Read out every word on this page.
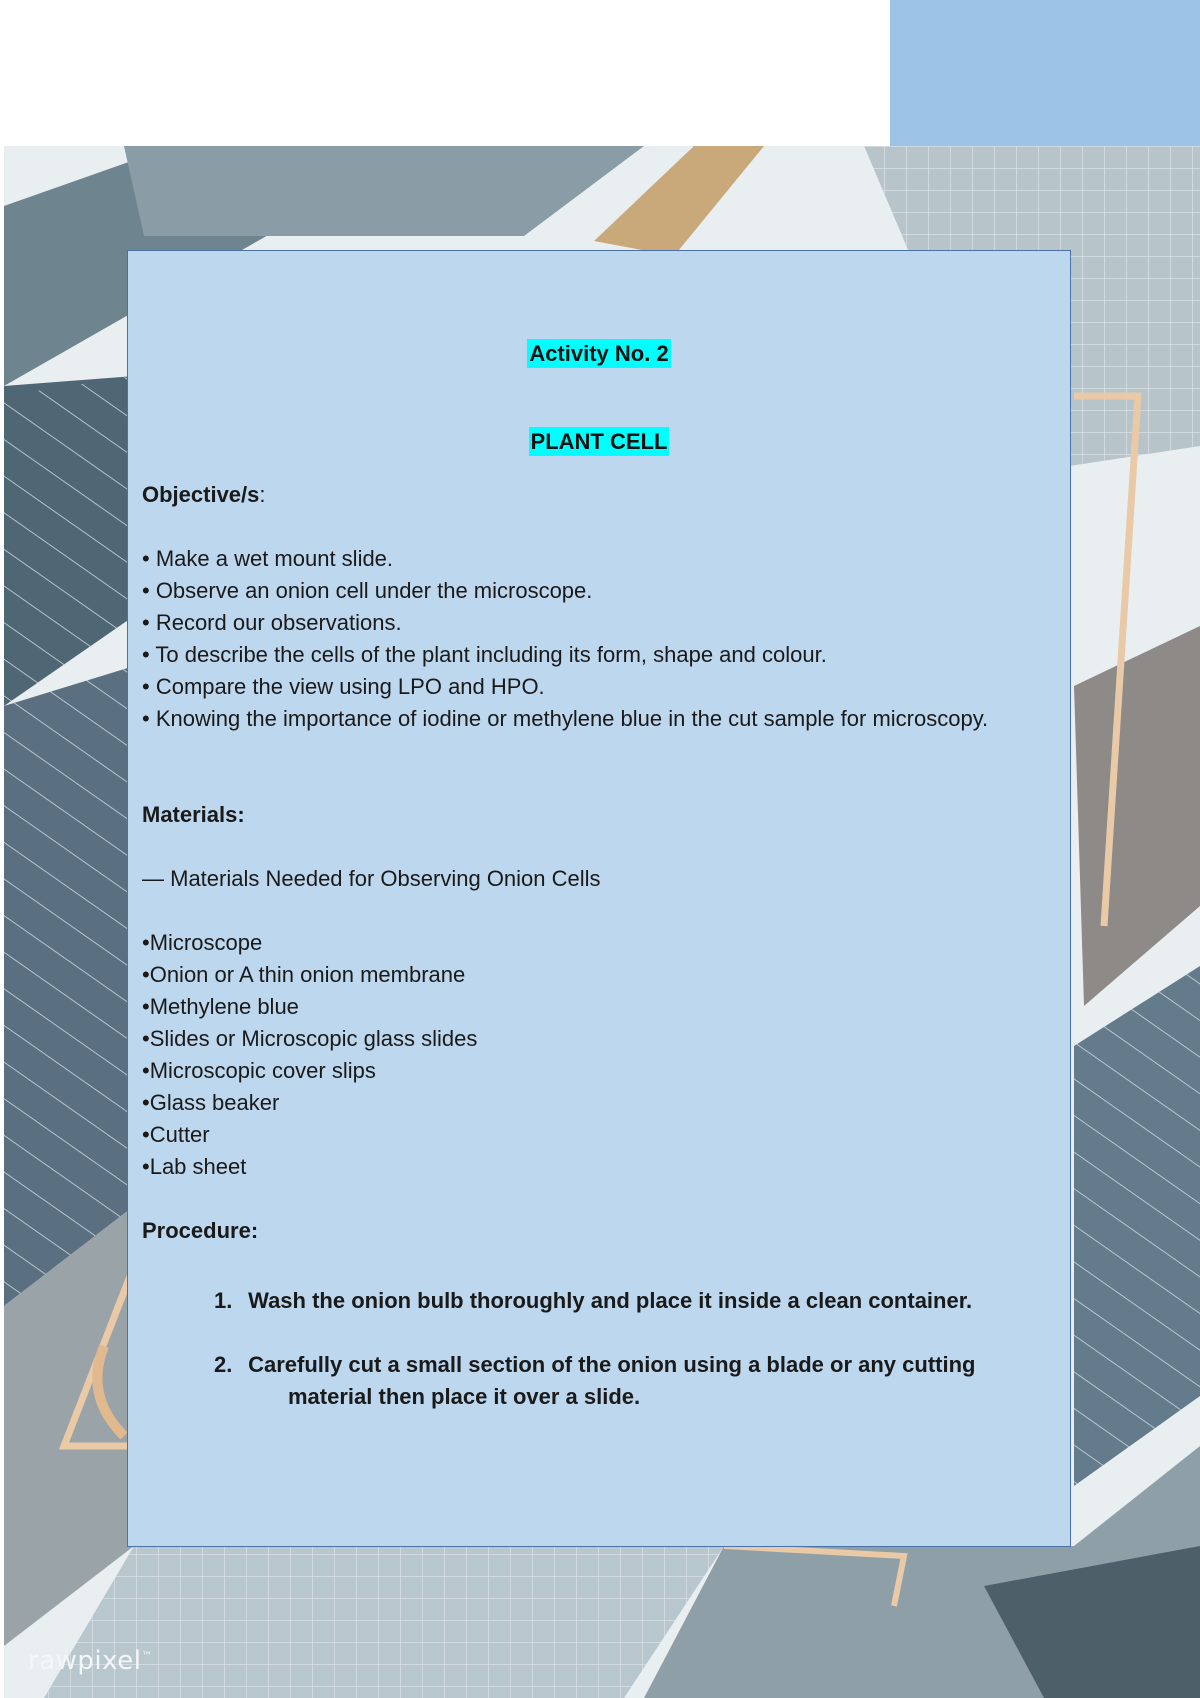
rawpixel™
Activity No. 2
PLANT CELL
Objective/s:
• Make a wet mount slide.
• Observe an onion cell under the microscope.
• Record our observations.
• To describe the cells of the plant including its form, shape and colour.
• Compare the view using LPO and HPO.
• Knowing the importance of iodine or methylene blue in the cut sample for microscopy.
Materials:
— Materials Needed for Observing Onion Cells
•Microscope
•Onion or A thin onion membrane
•Methylene blue
•Slides or Microscopic glass slides
•Microscopic cover slips
•Glass beaker
•Cutter
•Lab sheet
Procedure:
1. Wash the onion bulb thoroughly and place it inside a clean container.
2. Carefully cut a small section of the onion using a blade or any cutting
material then place it over a slide.
